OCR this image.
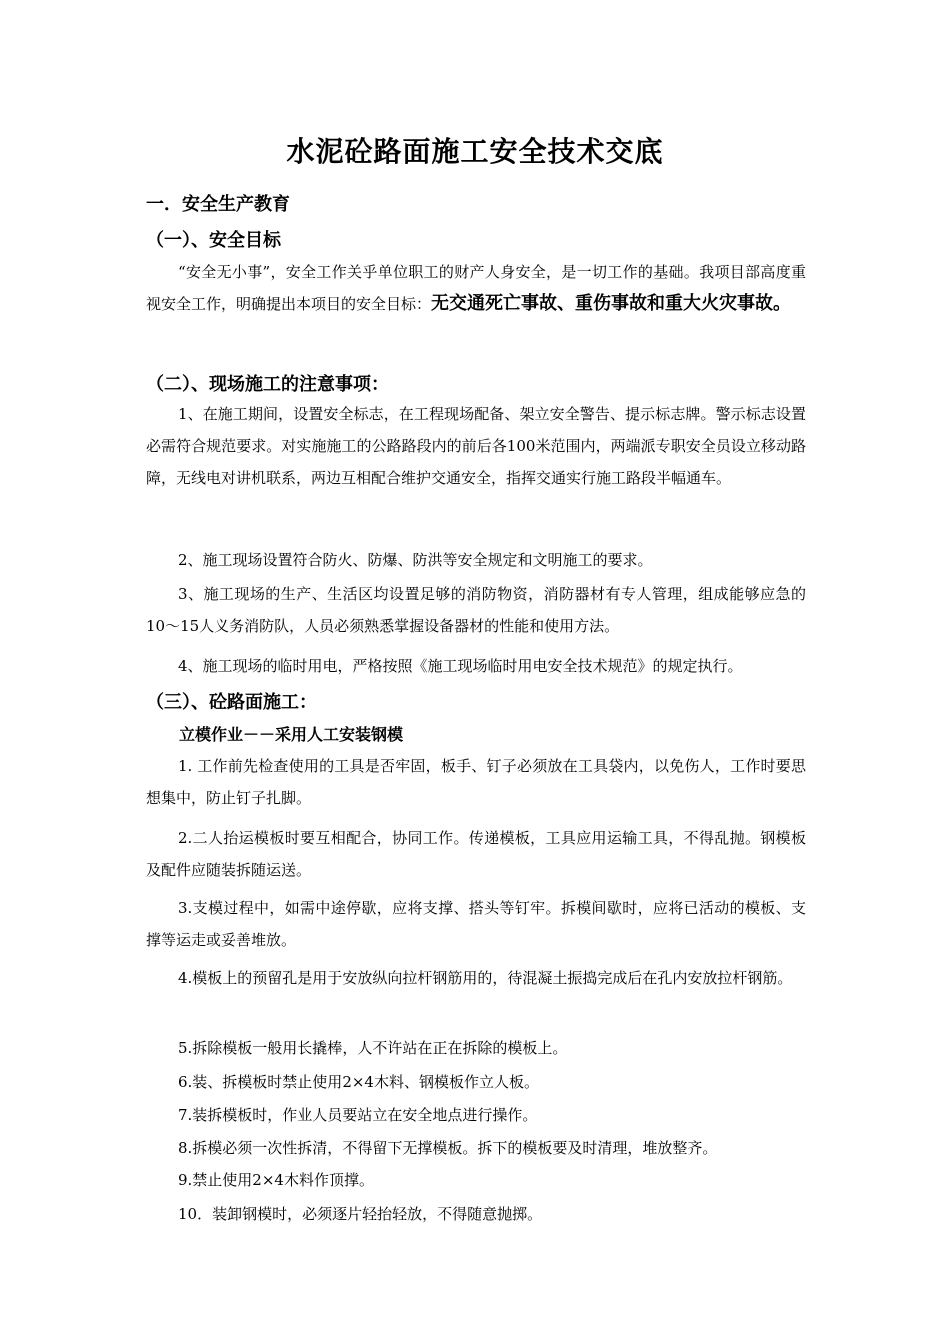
水泥砼路面施工安全技术交底
一．安全生产教育
（一）、安全目标
“安全无小事”，安全工作关乎单位职工的财产人身安全，是一切工作的基础。我项目部高度重视安全工作，明确提出本项目的安全目标：无交通死亡事故、重伤事故和重大火灾事故。
（二）、现场施工的注意事项：
1、在施工期间，设置安全标志，在工程现场配备、架立安全警告、提示标志牌。警示标志设置必需符合规范要求。对实施施工的公路路段内的前后各100米范围内，两端派专职安全员设立移动路障，无线电对讲机联系，两边互相配合维护交通安全，指挥交通实行施工路段半幅通车。
2、施工现场设置符合防火、防爆、防洪等安全规定和文明施工的要求。
3、施工现场的生产、生活区均设置足够的消防物资，消防器材有专人管理，组成能够应急的10～15人义务消防队，人员必须熟悉掌握设备器材的性能和使用方法。
4、施工现场的临时用电，严格按照《施工现场临时用电安全技术规范》的规定执行。
（三）、砼路面施工：
立模作业－－采用人工安装钢模
1. 工作前先检查使用的工具是否牢固，板手、钉子必须放在工具袋内，以免伤人，工作时要思想集中，防止钉子扎脚。
2.二人抬运模板时要互相配合，协同工作。传递模板，工具应用运输工具，不得乱抛。钢模板及配件应随装拆随运送。
3.支模过程中，如需中途停歇，应将支撑、搭头等钉牢。拆模间歇时，应将已活动的模板、支撑等运走或妥善堆放。
4.模板上的预留孔是用于安放纵向拉杆钢筋用的，待混凝土振捣完成后在孔内安放拉杆钢筋。
5.拆除模板一般用长撬棒，人不许站在正在拆除的模板上。
6.装、拆模板时禁止使用2×4木料、钢模板作立人板。
7.装拆模板时，作业人员要站立在安全地点进行操作。
8.拆模必须一次性拆清，不得留下无撑模板。拆下的模板要及时清理，堆放整齐。
9.禁止使用2×4木料作顶撑。
10．装卸钢模时，必须逐片轻抬轻放，不得随意抛掷。
